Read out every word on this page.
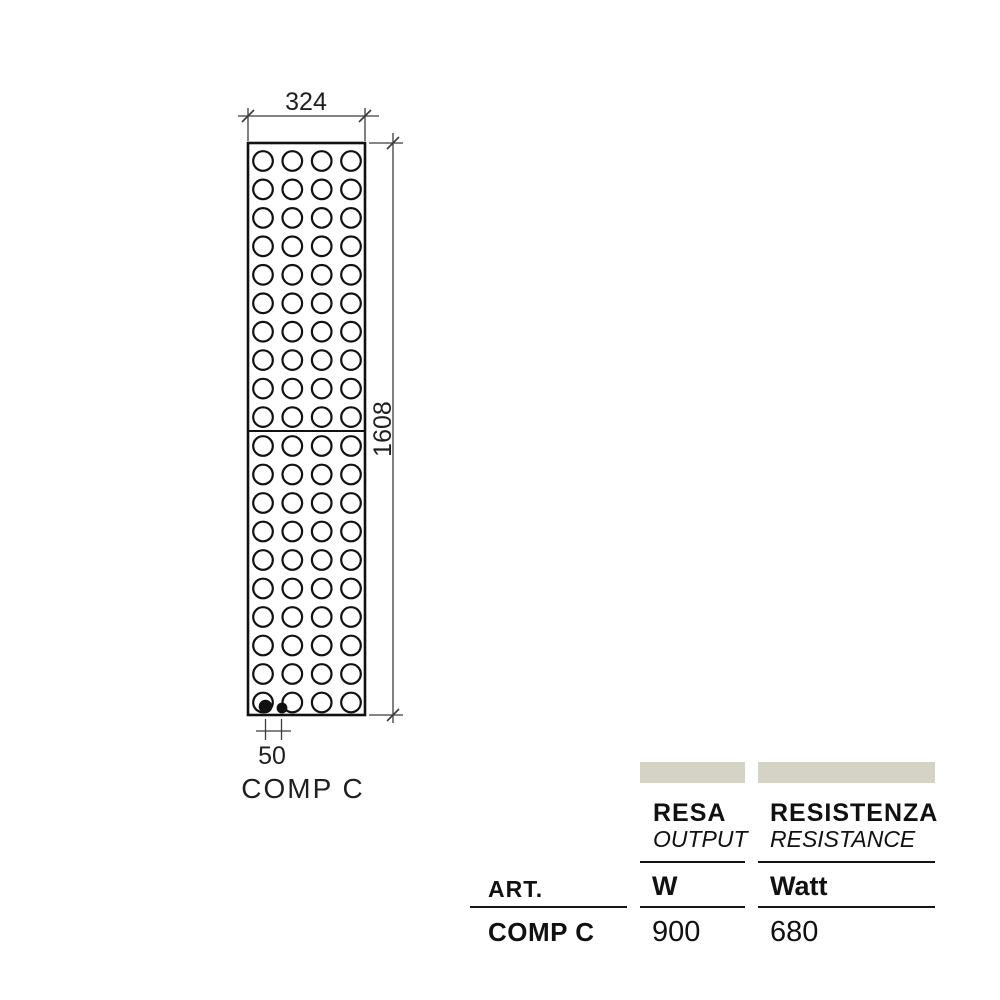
324
1608
50
COMP C
RESA
OUTPUT
RESISTENZA
RESISTANCE
ART.	W	Watt
COMP C 900 680
